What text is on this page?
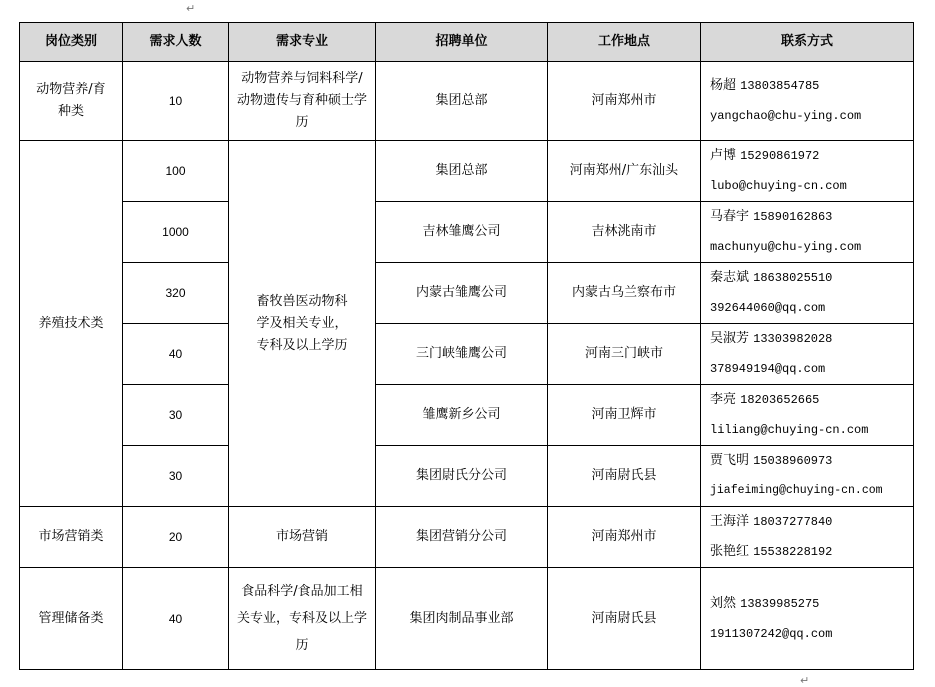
↵
岗位类别	需求人数	需求专业	招聘单位	工作地点	联系方式
动物营养/育种类	10	动物营养与饲料科学/动物遗传与育种硕士学历	集团总部	河南郑州市	杨超 13803854785
yangchao@chu-ying.com

养殖技术类	100	畜牧兽医动物科学及相关专业，专科及以上学历	集团总部	河南郑州/广东汕头	卢博 15290861972
lubo@chuying-cn.com

	1000		吉林雏鹰公司	吉林洮南市	马春宇 15890162863
machunyu@chu-ying.com

	320		内蒙古雏鹰公司	内蒙古乌兰察布市	秦志斌 18638025510
392644060@qq.com

	40		三门峡雏鹰公司	河南三门峡市	吴淑芳 13303982028
378949194@qq.com

	30		雏鹰新乡公司	河南卫辉市	李亮 18203652665
liliang@chuying-cn.com

	30		集团尉氏分公司	河南尉氏县	贾飞明 15038960973
jiafeiming@chuying-cn.com

市场营销类	20	市场营销	集团营销分公司	河南郑州市	王海洋 18037277840
张艳红 15538228192

管理储备类	40	食品科学/食品加工相关专业，专科及以上学历	集团肉制品事业部	河南尉氏县	刘然 13839985275
1911307242@qq.com
↵
